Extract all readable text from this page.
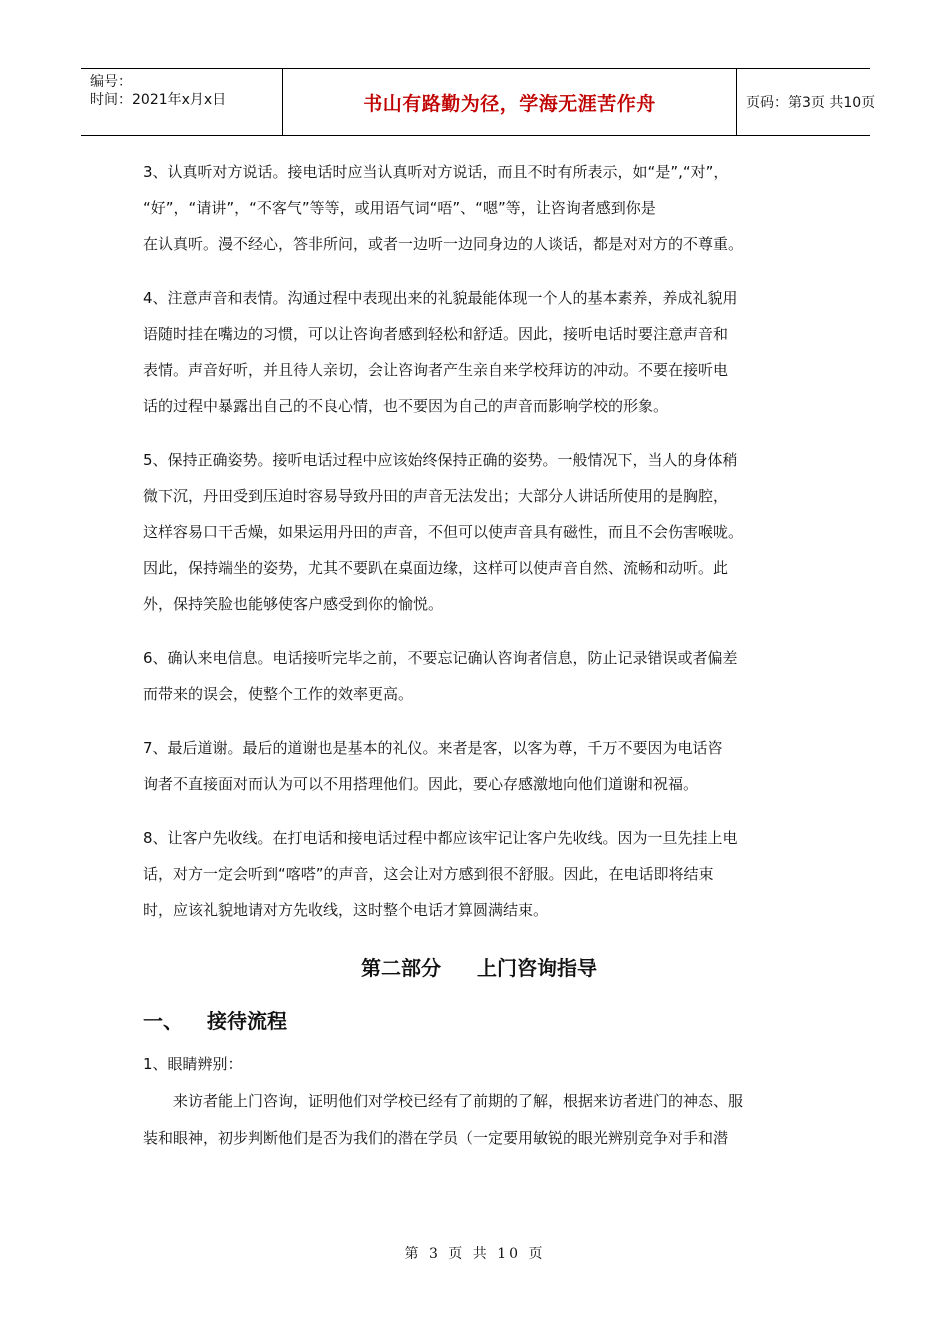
编号：
时间：2021年x月x日	书山有路勤为径，学海无涯苦作舟	页码：第3页 共10页
3、认真听对方说话。接电话时应当认真听对方说话，而且不时有所表示，如“是”,“对”，
“好”，“请讲”，“不客气”等等，或用语气词“唔”、“嗯”等，让咨询者感到你是
在认真听。漫不经心，答非所问，或者一边听一边同身边的人谈话，都是对对方的不尊重。
4、注意声音和表情。沟通过程中表现出来的礼貌最能体现一个人的基本素养，养成礼貌用
语随时挂在嘴边的习惯，可以让咨询者感到轻松和舒适。因此，接听电话时要注意声音和
表情。声音好听，并且待人亲切，会让咨询者产生亲自来学校拜访的冲动。不要在接听电
话的过程中暴露出自己的不良心情，也不要因为自己的声音而影响学校的形象。
5、保持正确姿势。接听电话过程中应该始终保持正确的姿势。一般情况下，当人的身体稍
微下沉，丹田受到压迫时容易导致丹田的声音无法发出；大部分人讲话所使用的是胸腔，
这样容易口干舌燥，如果运用丹田的声音，不但可以使声音具有磁性，而且不会伤害喉咙。
因此，保持端坐的姿势，尤其不要趴在桌面边缘，这样可以使声音自然、流畅和动听。此
外，保持笑脸也能够使客户感受到你的愉悦。
6、确认来电信息。电话接听完毕之前，不要忘记确认咨询者信息，防止记录错误或者偏差
而带来的误会，使整个工作的效率更高。
7、最后道谢。最后的道谢也是基本的礼仪。来者是客，以客为尊，千万不要因为电话咨
询者不直接面对而认为可以不用搭理他们。因此，要心存感激地向他们道谢和祝福。
8、让客户先收线。在打电话和接电话过程中都应该牢记让客户先收线。因为一旦先挂上电
话，对方一定会听到“喀嗒”的声音，这会让对方感到很不舒服。因此，在电话即将结束
时，应该礼貌地请对方先收线，这时整个电话才算圆满结束。
第二部分 上门咨询指导
一、 接待流程
1、眼睛辨别：
来访者能上门咨询，证明他们对学校已经有了前期的了解，根据来访者进门的神态、服
装和眼神，初步判断他们是否为我们的潜在学员（一定要用敏锐的眼光辨别竞争对手和潜
第 3 页 共 10 页
